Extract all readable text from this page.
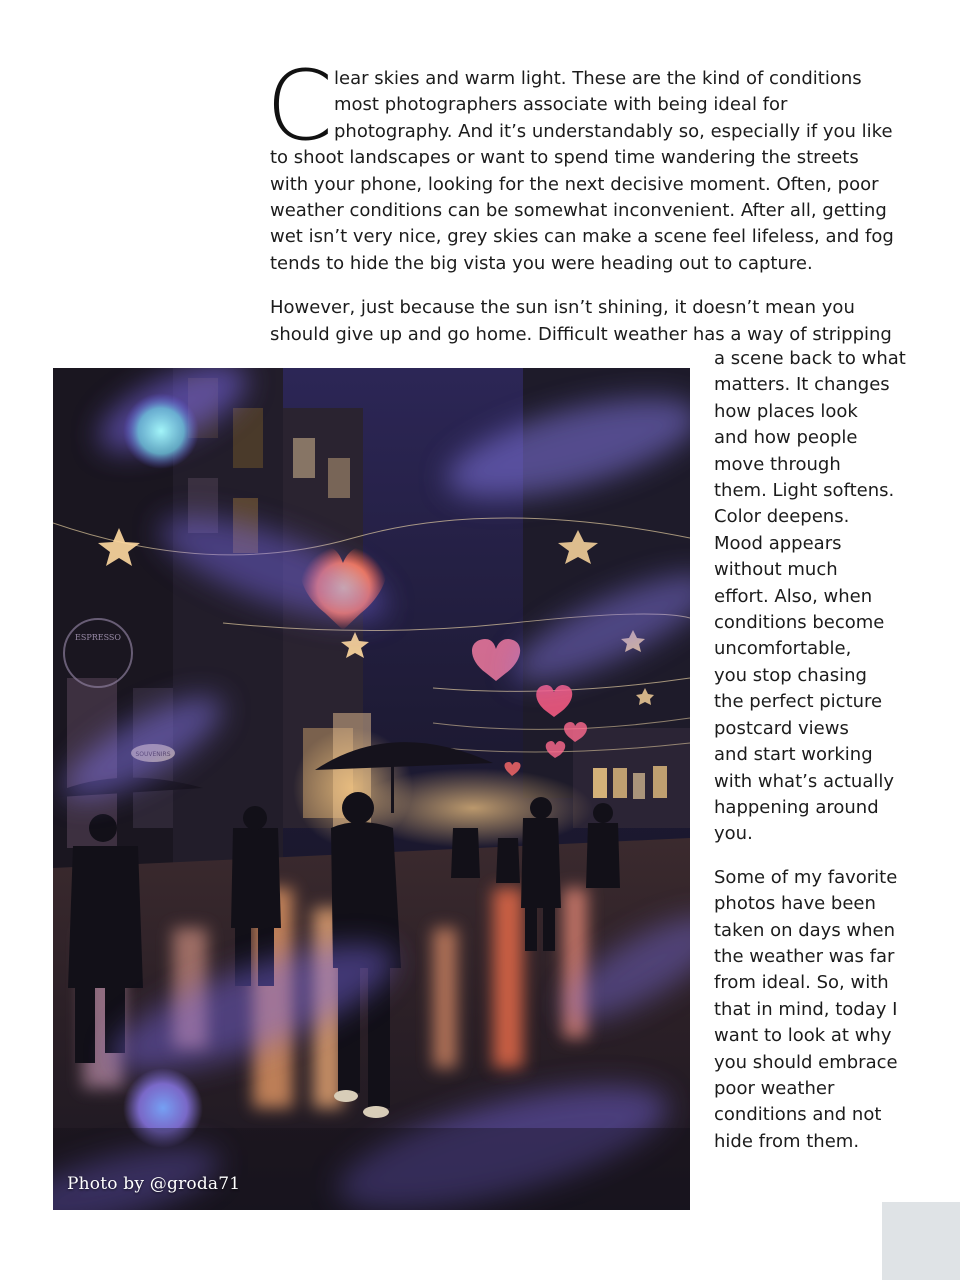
C lear skies and warm light. These are the kind of conditions
most photographers associate with being ideal for
photography. And it’s understandably so, especially if you like
to shoot landscapes or want to spend time wandering the streets
with your phone, looking for the next decisive moment. Often, poor
weather conditions can be somewhat inconvenient. After all, getting
wet isn’t very nice, grey skies can make a scene feel lifeless, and fog
tends to hide the big vista you were heading out to capture.

However, just because the sun isn’t shining, it doesn’t mean you
should give up and go home. Difficult weather has a way of stripping

a scene back to what
matters. It changes
how places look
and how people
move through
them. Light softens.
Color deepens.
Mood appears
without much
effort. Also, when
conditions become
uncomfortable,
you stop chasing
the perfect picture
postcard views
and start working
with what’s actually
happening around
you.

Some of my favorite
photos have been
taken on days when
the weather was far
from ideal. So, with
that in mind, today I
want to look at why
you should embrace
poor weather
conditions and not
hide from them.

ESPRESSO
Photo by @groda71
